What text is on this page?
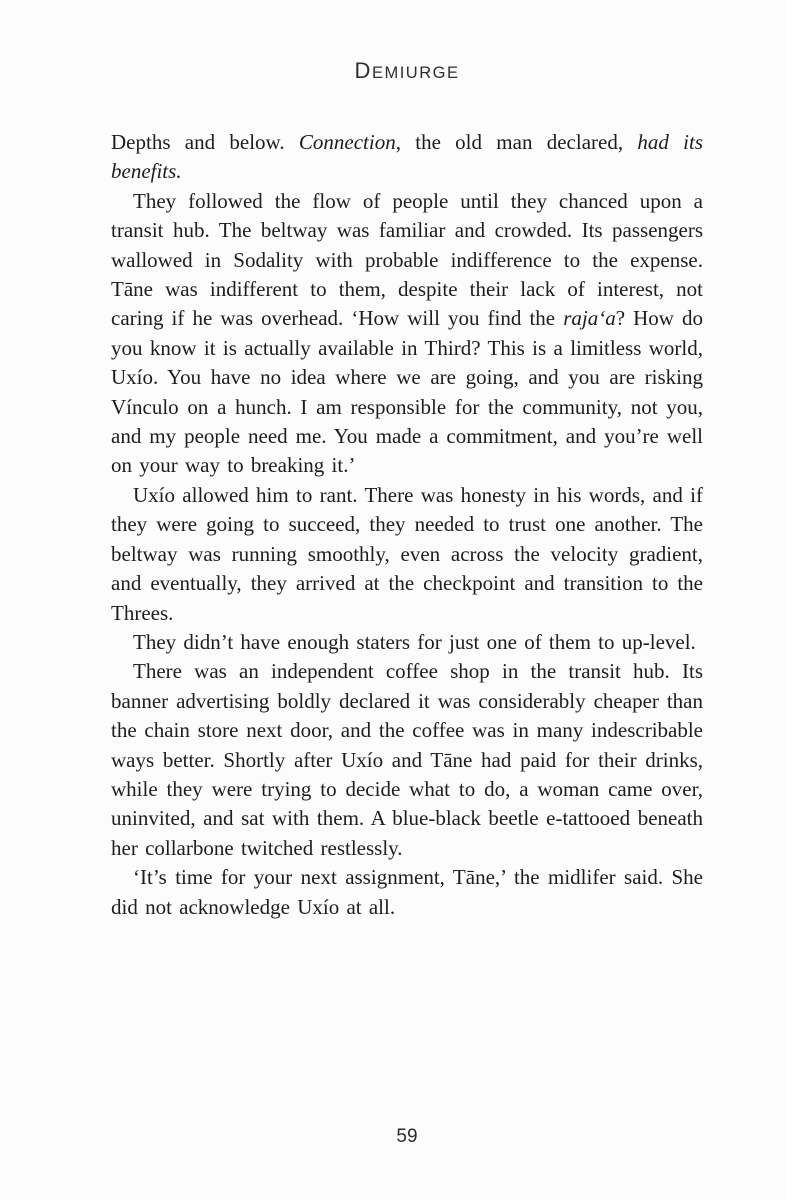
DEMIURGE

Depths and below. Connection, the old man declared, had its benefits.

They followed the flow of people until they chanced upon a transit hub. The beltway was familiar and crowded. Its passengers wallowed in Sodality with probable indifference to the expense. Tāne was indifferent to them, despite their lack of interest, not caring if he was overhead. ‘How will you find the rajaʻa? How do you know it is actually available in Third? This is a limitless world, Uxío. You have no idea where we are going, and you are risking Vínculo on a hunch. I am responsible for the community, not you, and my people need me. You made a commitment, and you’re well on your way to breaking it.’

Uxío allowed him to rant. There was honesty in his words, and if they were going to succeed, they needed to trust one another. The beltway was running smoothly, even across the velocity gradient, and eventually, they arrived at the checkpoint and transition to the Threes.

They didn’t have enough staters for just one of them to up-level.

There was an independent coffee shop in the transit hub. Its banner advertising boldly declared it was considerably cheaper than the chain store next door, and the coffee was in many indescribable ways better. Shortly after Uxío and Tāne had paid for their drinks, while they were trying to decide what to do, a woman came over, uninvited, and sat with them. A blue-black beetle e-tattooed beneath her collarbone twitched restlessly.

‘It’s time for your next assignment, Tāne,’ the midlifer said. She did not acknowledge Uxío at all.

59
